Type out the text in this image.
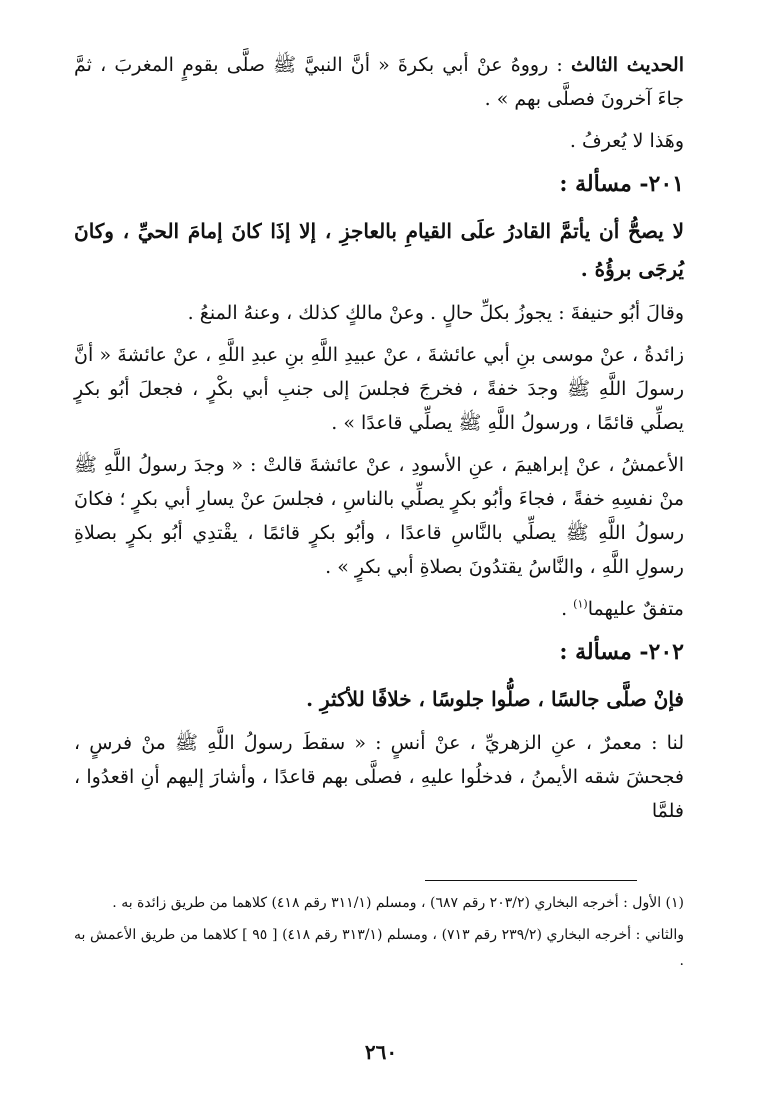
الحديث الثالث : رووهُ عنْ أبي بكرةَ « أنَّ النبيَّ ﷺ صلَّى بقومٍ المغربَ ، ثمَّ جاءَ آخرونَ فصلَّى بهم » .

وهَذا لا يُعرفُ .

٢٠١- مسألة :

لا يصحُّ أن يأتمَّ القادرُ علَى القيامِ بالعاجزِ ، إلا إذَا كانَ إمامَ الحيِّ ، وكانَ يُرجَى برؤُهُ .

وقالَ أبُو حنيفةَ : يجوزُ بكلِّ حالٍ . وعنْ مالكٍ كذلك ، وعنهُ المنعُ .

زائدةُ ، عنْ موسى بنِ أبي عائشةَ ، عنْ عبيدِ اللَّهِ بنِ عبدِ اللَّهِ ، عنْ عائشةَ « أنَّ رسولَ اللَّهِ ﷺ وجدَ خفةً ، فخرجَ فجلسَ إلى جنبِ أبي بكْرٍ ، فجعلَ أبُو بكرٍ يصلِّي قائمًا ، ورسولُ اللَّهِ ﷺ يصلِّي قاعدًا » .

الأعمشُ ، عنْ إبراهيمَ ، عنِ الأسودِ ، عنْ عائشةَ قالتْ : « وجدَ رسولُ اللَّهِ ﷺ منْ نفسِهِ خفةً ، فجاءَ وأبُو بكرٍ يصلِّي بالناسِ ، فجلسَ عنْ يسارِ أبي بكرٍ ؛ فكانَ رسولُ اللَّهِ ﷺ يصلِّي بالنَّاسِ قاعدًا ، وأبُو بكرٍ قائمًا ، يقْتدِي أبُو بكرٍ بصلاةِ رسولِ اللَّهِ ، والنَّاسُ يقتدُونَ بصلاةِ أبي بكرٍ » .

متفقٌ عليهما$^{(١)}$ .

٢٠٢- مسألة :

فإنْ صلَّى جالسًا ، صلُّوا جلوسًا ، خلافًا للأكثرِ .

لنا : معمرٌ ، عنِ الزهريِّ ، عنْ أنسٍ : « سقطَ رسولُ اللَّهِ ﷺ منْ فرسٍ ، فجحشَ شقه الأيمنُ ، فدخلُوا عليهِ ، فصلَّى بهم قاعدًا ، وأشارَ إليهم أنِ اقعدُوا ، فلمَّا

(١) الأول : أخرجه البخاري (٢٠٣/٢ رقم ٦٨٧) ، ومسلم (٣١١/١ رقم ٤١٨) كلاهما من طريق زائدة به .

والثاني : أخرجه البخاري (٢٣٩/٢ رقم ٧١٣) ، ومسلم (٣١٣/١ رقم ٤١٨) [ ٩٥ ] كلاهما من طريق الأعمش به .

٢٦٠
